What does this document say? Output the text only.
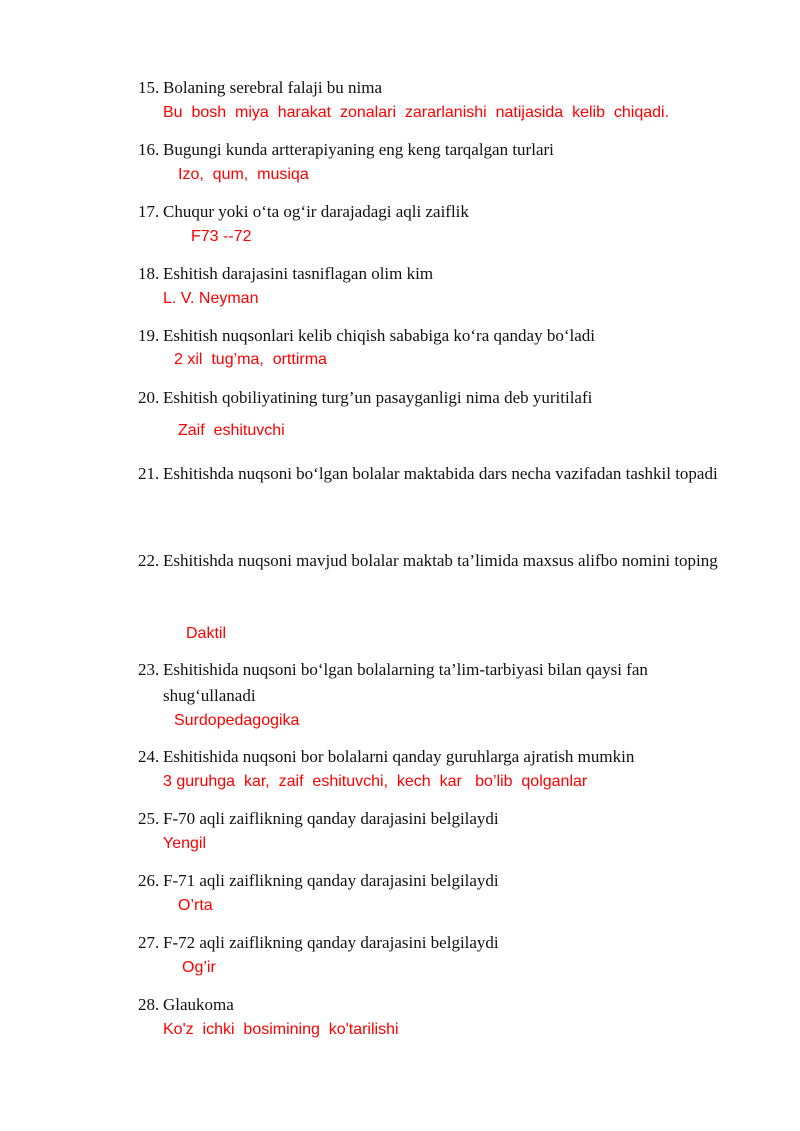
15. Bolaning serebral falaji bu nima
Bu  bosh  miya  harakat  zonalari  zararlanishi  natijasida  kelib  chiqadi.
16. Bugungi kunda artterapiyaning eng keng tarqalgan turlari
Izo,  qum,  musiqa
17. Chuqur yoki o‘ta og‘ir darajadagi aqli zaiflik
F73 --72
18. Eshitish darajasini tasniflagan olim kim
L. V. Neyman
19. Eshitish nuqsonlari kelib chiqish sababiga ko‘ra qanday bo‘ladi
2 xil  tug’ma,  orttirma
20. Eshitish qobiliyatining turg’un pasayganligi nima deb yuritilafi
Zaif  eshituvchi
21. Eshitishda nuqsoni bo‘lgan bolalar maktabida dars necha vazifadan tashkil topadi
22. Eshitishda nuqsoni mavjud bolalar maktab ta’limida maxsus alifbo nomini toping
Daktil
23. Eshitishida nuqsoni bo‘lgan bolalarning ta’lim-tarbiyasi bilan qaysi fan shug‘ullanadi
Surdopedagogika
24. Eshitishida nuqsoni bor bolalarni qanday guruhlarga ajratish mumkin
3 guruhga  kar,  zaif  eshituvchi,  kech  kar   bo’lib  qolganlar
25. F-70 aqli zaiflikning qanday darajasini belgilaydi
Yengil
26. F-71 aqli zaiflikning qanday darajasini belgilaydi
O’rta
27. F-72 aqli zaiflikning qanday darajasini belgilaydi
Og’ir
28. Glaukoma
Ko'z  ichki  bosimining  ko'tarilishi
